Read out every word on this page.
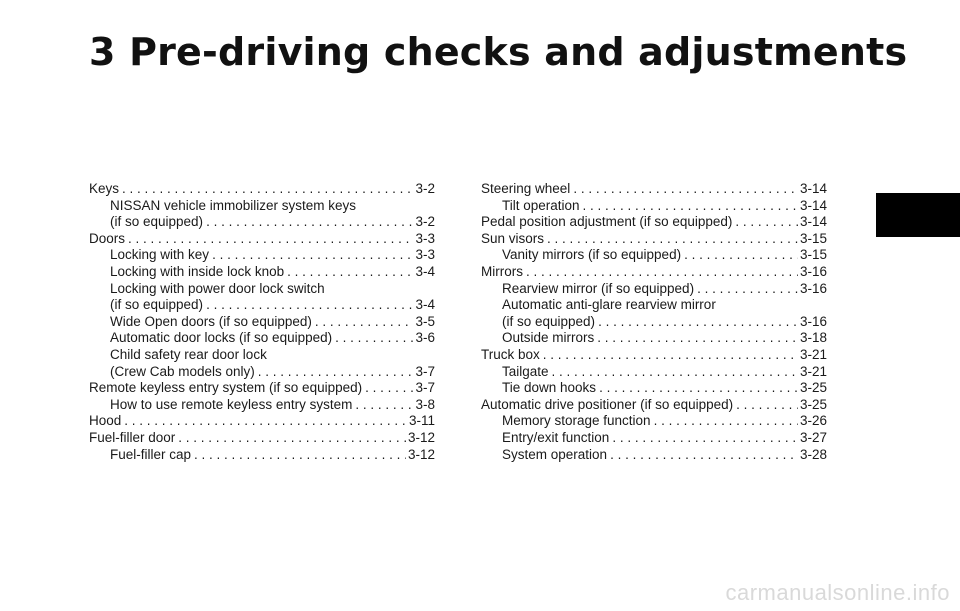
3 Pre-driving checks and adjustments
Keys . . .	3-2
NISSAN vehicle immobilizer system keys
(if so equipped) . . .	3-2
Doors . . .	3-3
Locking with key . . .	3-3
Locking with inside lock knob . . .	3-4
Locking with power door lock switch
(if so equipped) . . .	3-4
Wide Open doors (if so equipped) . . .	3-5
Automatic door locks (if so equipped) . . .	3-6
Child safety rear door lock
(Crew Cab models only) . . .	3-7
Remote keyless entry system (if so equipped) . . .	3-7
How to use remote keyless entry system . . .	3-8
Hood . . .	3-11
Fuel-filler door . . .	3-12
Fuel-filler cap . . .	3-12
Steering wheel . . .	3-14
Tilt operation . . .	3-14
Pedal position adjustment (if so equipped) . . .	3-14
Sun visors . . .	3-15
Vanity mirrors (if so equipped) . . .	3-15
Mirrors . . .	3-16
Rearview mirror (if so equipped) . . .	3-16
Automatic anti-glare rearview mirror
(if so equipped) . . .	3-16
Outside mirrors . . .	3-18
Truck box . . .	3-21
Tailgate . . .	3-21
Tie down hooks . . .	3-25
Automatic drive positioner (if so equipped) . . .	3-25
Memory storage function . . .	3-26
Entry/exit function . . .	3-27
System operation . . .	3-28
carmanualsonline.info
